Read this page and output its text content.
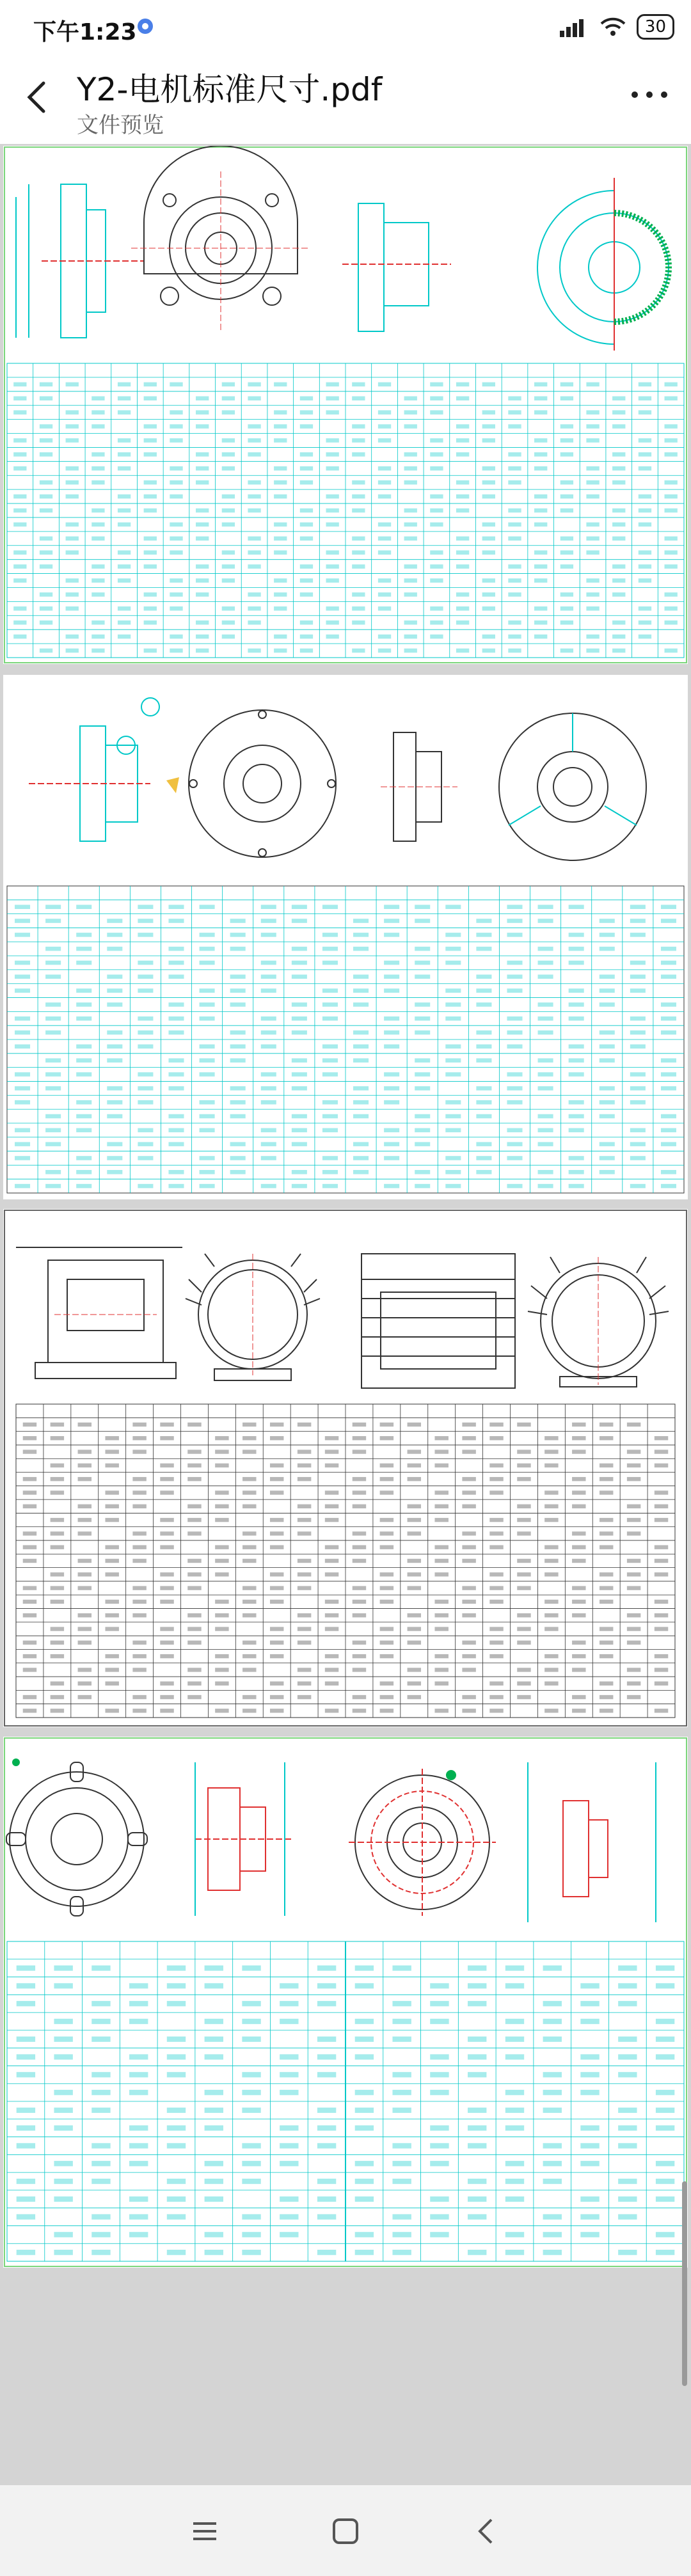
下午1:23	30
Y2-电机标准尺寸.pdf
文件预览
